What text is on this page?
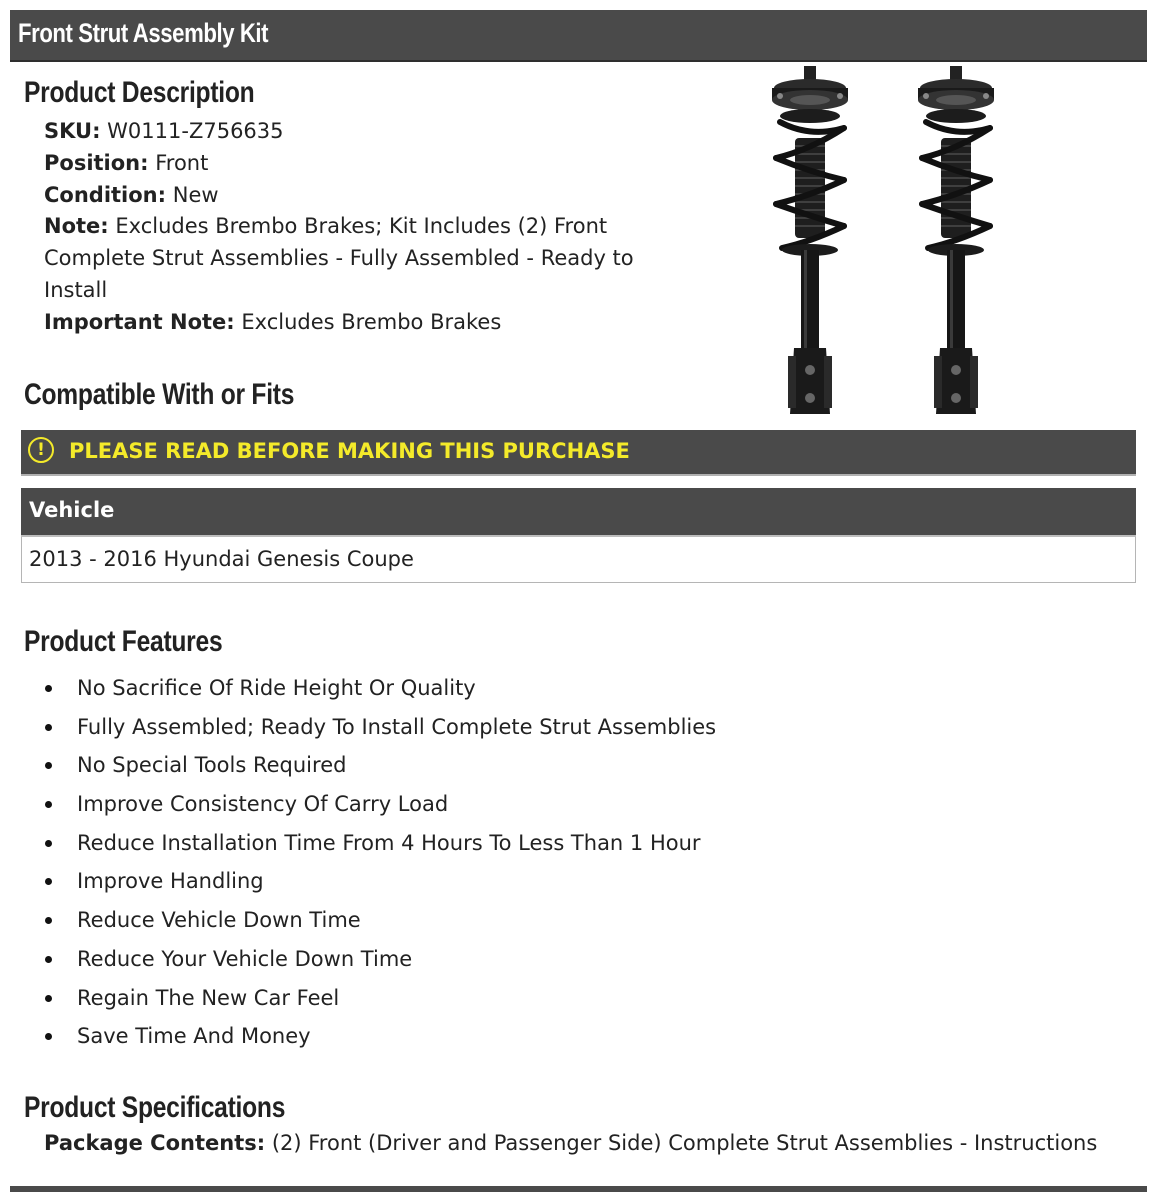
Front Strut Assembly Kit
Product Description

SKU: W0111-Z756635

Position: Front

Condition: New

Note: Excludes Brembo Brakes; Kit Includes (2) Front Complete Strut Assemblies - Fully Assembled - Ready to Install

Important Note: Excludes Brembo Brakes

Compatible With or Fits
!	PLEASE READ BEFORE MAKING THIS PURCHASE
Vehicle
2013 - 2016 Hyundai Genesis Coupe
Product Features
No Sacrifice Of Ride Height Or Quality
Fully Assembled; Ready To Install Complete Strut Assemblies
No Special Tools Required
Improve Consistency Of Carry Load
Reduce Installation Time From 4 Hours To Less Than 1 Hour
Improve Handling
Reduce Vehicle Down Time
Reduce Your Vehicle Down Time
Regain The New Car Feel
Save Time And Money
Product Specifications
Package Contents: (2) Front (Driver and Passenger Side) Complete Strut Assemblies - Instructions
